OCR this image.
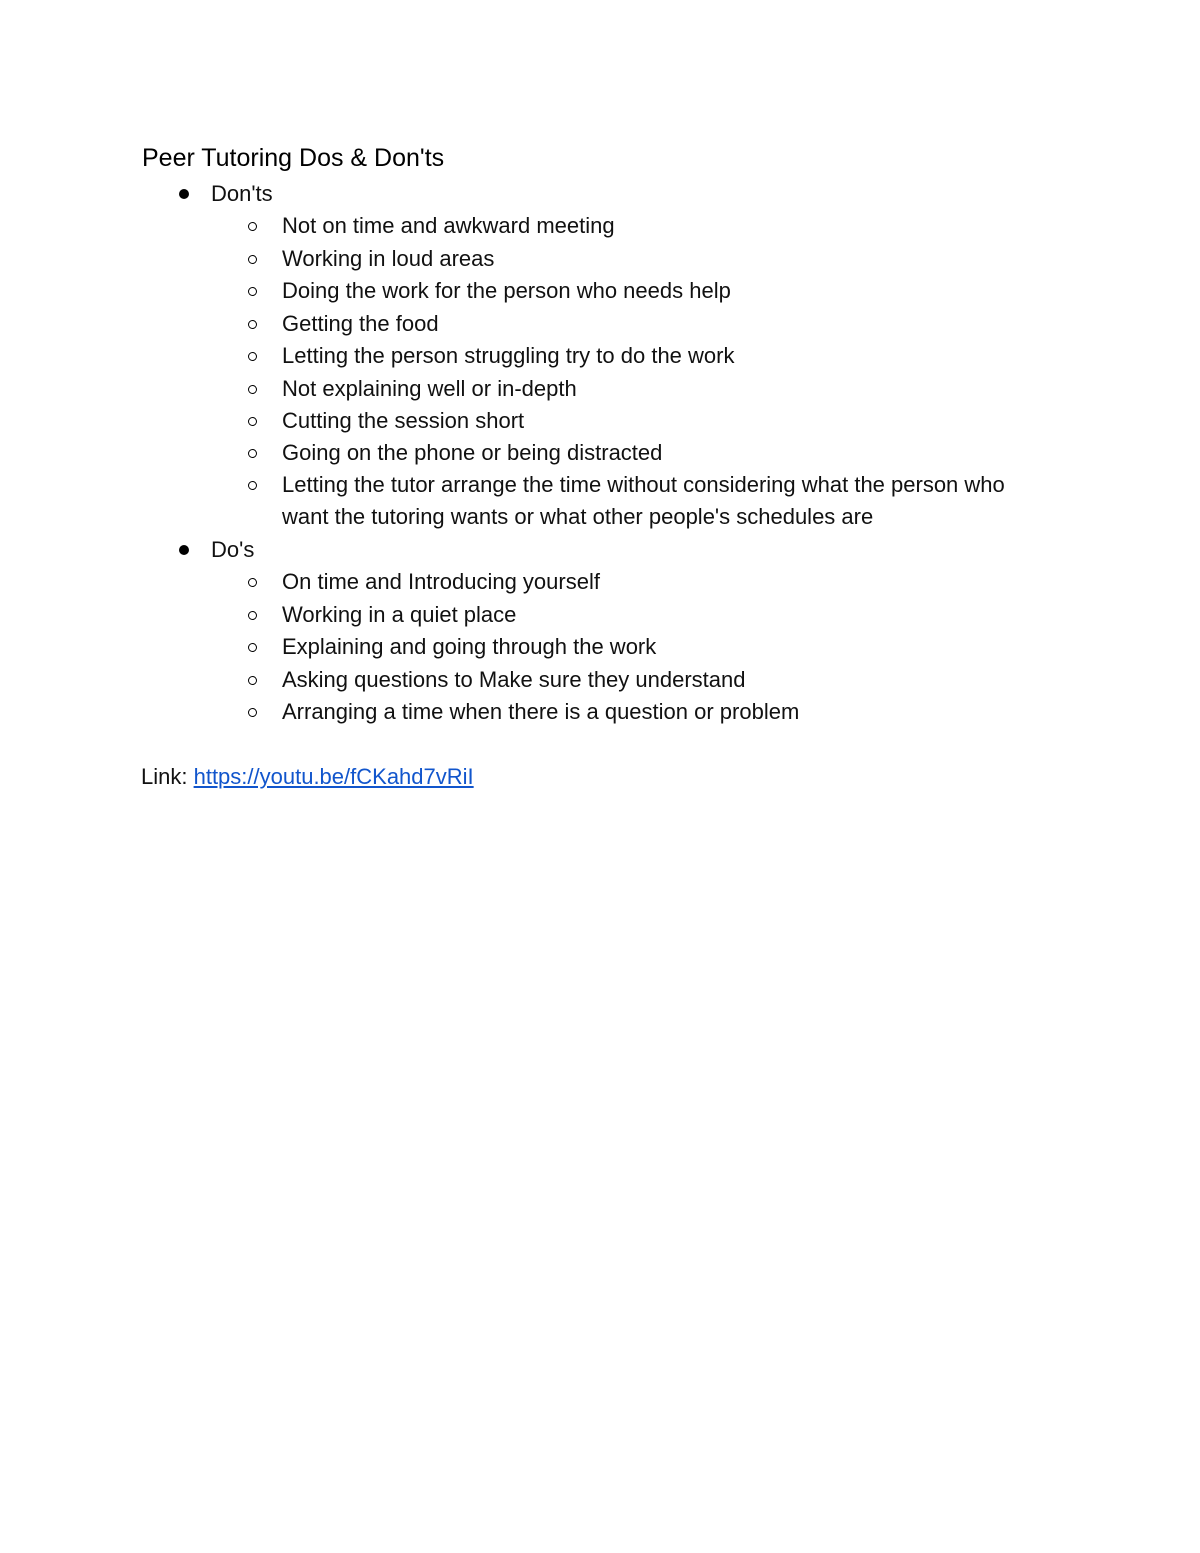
Peer Tutoring Dos & Don'ts
Don'ts
Not on time and awkward meeting
Working in loud areas
Doing the work for the person who needs help
Getting the food
Letting the person struggling try to do the work
Not explaining well or in-depth
Cutting the session short
Going on the phone or being distracted
Letting the tutor arrange the time without considering what the person who
want the tutoring wants or what other people's schedules are
Do's
On time and Introducing yourself
Working in a quiet place
Explaining and going through the work
Asking questions to Make sure they understand
Arranging a time when there is a question or problem
Link: https://youtu.be/fCKahd7vRiI
